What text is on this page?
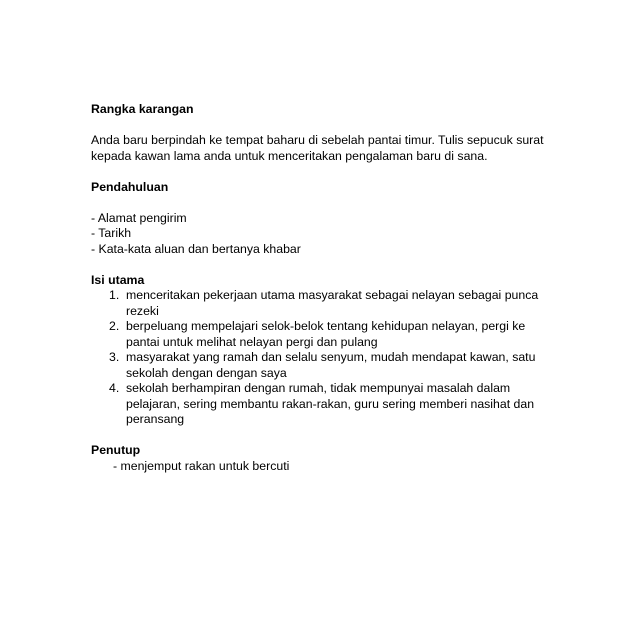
Rangka karangan

Anda baru berpindah ke tempat baharu di sebelah pantai timur. Tulis sepucuk surat kepada kawan lama anda untuk menceritakan pengalaman baru di sana.

Pendahuluan

- Alamat pengirim
- Tarikh
- Kata-kata aluan dan bertanya khabar

Isi utama

1. menceritakan pekerjaan utama masyarakat sebagai nelayan sebagai punca rezeki
2. berpeluang mempelajari selok-belok tentang kehidupan nelayan, pergi ke pantai untuk melihat nelayan pergi dan pulang
3. masyarakat yang ramah dan selalu senyum, mudah mendapat kawan, satu sekolah dengan dengan saya
4. sekolah berhampiran dengan rumah, tidak mempunyai masalah dalam pelajaran, sering membantu rakan-rakan, guru sering memberi nasihat dan peransang

Penutup

- menjemput rakan untuk bercuti
